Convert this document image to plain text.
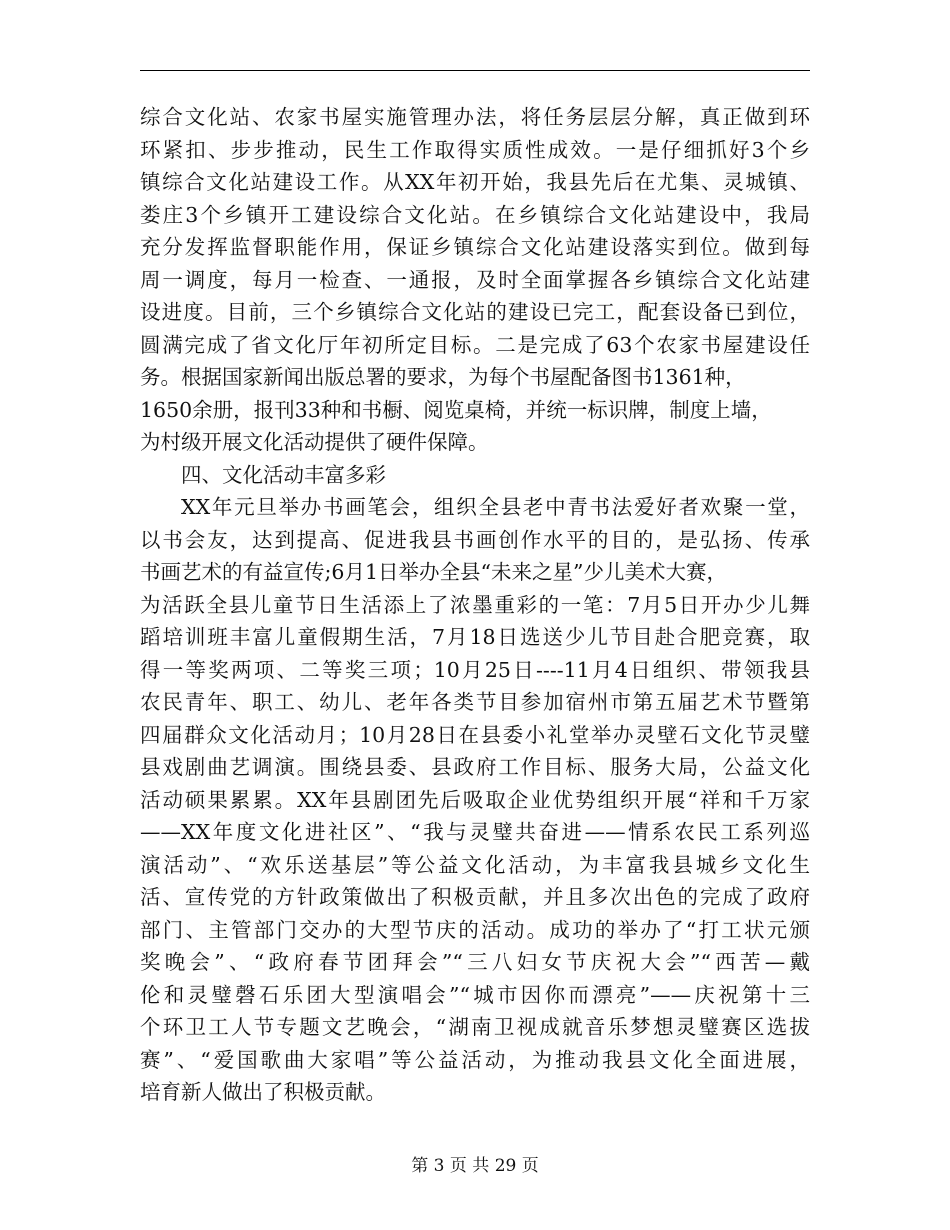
综合文化站、农家书屋实施管理办法，将任务层层分解，真正做到环
环紧扣、步步推动，民生工作取得实质性成效。一是仔细抓好3个乡
镇综合文化站建设工作。从XX年初开始，我县先后在尤集、灵城镇、
娄庄3个乡镇开工建设综合文化站。在乡镇综合文化站建设中，我局
充分发挥监督职能作用，保证乡镇综合文化站建设落实到位。做到每
周一调度，每月一检查、一通报，及时全面掌握各乡镇综合文化站建
设进度。目前，三个乡镇综合文化站的建设已完工，配套设备已到位，
圆满完成了省文化厅年初所定目标。二是完成了63个农家书屋建设任
务。根据国家新闻出版总署的要求，为每个书屋配备图书1361种，
1650余册，报刊33种和书橱、阅览桌椅，并统一标识牌，制度上墙，
为村级开展文化活动提供了硬件保障。
四、文化活动丰富多彩
XX年元旦举办书画笔会，组织全县老中青书法爱好者欢聚一堂，
以书会友，达到提高、促进我县书画创作水平的目的，是弘扬、传承
书画艺术的有益宣传;6月1日举办全县“未来之星”少儿美术大赛，
为活跃全县儿童节日生活添上了浓墨重彩的一笔：7月5日开办少儿舞
蹈培训班丰富儿童假期生活，7月18日选送少儿节目赴合肥竞赛，取
得一等奖两项、二等奖三项；10月25日----11月4日组织、带领我县
农民青年、职工、幼儿、老年各类节目参加宿州市第五届艺术节暨第
四届群众文化活动月；10月28日在县委小礼堂举办灵壁石文化节灵璧
县戏剧曲艺调演。围绕县委、县政府工作目标、服务大局，公益文化
活动硕果累累。XX年县剧团先后吸取企业优势组织开展“祥和千万家
——XX年度文化进社区”、“我与灵璧共奋进——情系农民工系列巡
演活动”、“欢乐送基层”等公益文化活动，为丰富我县城乡文化生
活、宣传党的方针政策做出了积极贡献，并且多次出色的完成了政府
部门、主管部门交办的大型节庆的活动。成功的举办了“打工状元颁
奖晚会”、“政府春节团拜会”“三八妇女节庆祝大会”“西苦—戴
伦和灵璧磬石乐团大型演唱会”“城市因你而漂亮”——庆祝第十三
个环卫工人节专题文艺晚会，“湖南卫视成就音乐梦想灵璧赛区选拔
赛”、“爱国歌曲大家唱”等公益活动，为推动我县文化全面进展，
培育新人做出了积极贡献。
第 3 页 共 29 页
